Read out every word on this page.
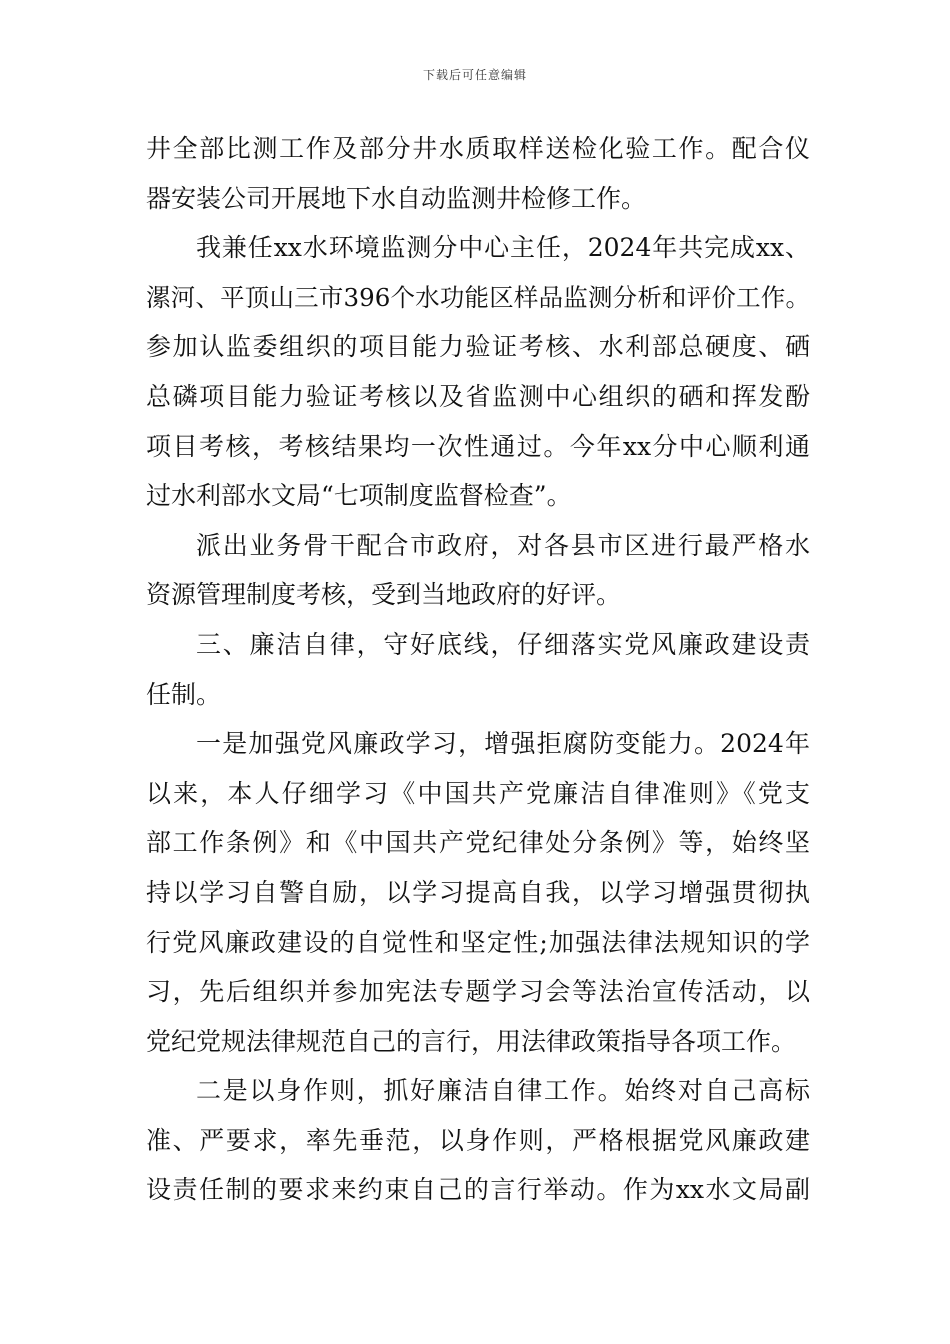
下载后可任意编辑
井全部比测工作及部分井水质取样送检化验工作。配合仪
器安装公司开展地下水自动监测井检修工作。
我兼任xx水环境监测分中心主任，2024年共完成xx、
漯河、平顶山三市396个水功能区样品监测分析和评价工作。
参加认监委组织的项目能力验证考核、水利部总硬度、硒
总磷项目能力验证考核以及省监测中心组织的硒和挥发酚
项目考核，考核结果均一次性通过。今年xx分中心顺利通
过水利部水文局“七项制度监督检查”。
派出业务骨干配合市政府，对各县市区进行最严格水
资源管理制度考核，受到当地政府的好评。
三、廉洁自律，守好底线，仔细落实党风廉政建设责
任制。
一是加强党风廉政学习，增强拒腐防变能力。2024年
以来，本人仔细学习《中国共产党廉洁自律准则》《党支
部工作条例》和《中国共产党纪律处分条例》等，始终坚
持以学习自警自励，以学习提高自我，以学习增强贯彻执
行党风廉政建设的自觉性和坚定性;加强法律法规知识的学
习，先后组织并参加宪法专题学习会等法治宣传活动，以
党纪党规法律规范自己的言行，用法律政策指导各项工作。
二是以身作则，抓好廉洁自律工作。始终对自己高标
准、严要求，率先垂范，以身作则，严格根据党风廉政建
设责任制的要求来约束自己的言行举动。作为xx水文局副
